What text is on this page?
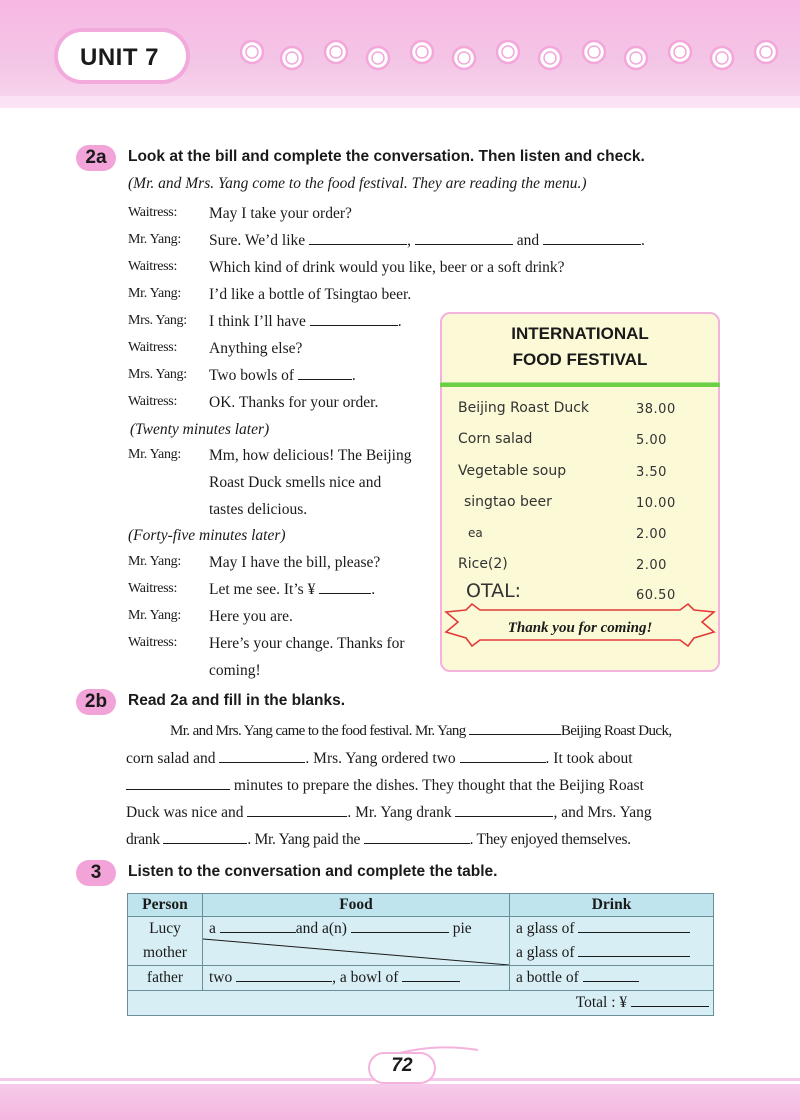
UNIT 7
2a	Look at the bill and complete the conversation. Then listen and check.
(Mr. and Mrs. Yang come to the food festival. They are reading the menu.)
Waitress: May I take your order?
Mr. Yang: Sure. We’d like	,	and	.
Waitress: Which kind of drink would you like, beer or a soft drink?
Mr. Yang: I’d like a bottle of Tsingtao beer.
Mrs. Yang: I think I’ll have	.
Waitress: Anything else?
Mrs. Yang: Two bowls of	.
Waitress: OK. Thanks for your order.
(Twenty minutes later)
Mr. Yang: Mm, how delicious! The Beijing
Roast Duck smells nice and
tastes delicious.
(Forty-five minutes later)
Mr. Yang: May I have the bill, please?
Waitress: Let me see. It’s ¥	.
Mr. Yang: Here you are.
Waitress: Here’s your change. Thanks for
coming!
INTERNATIONAL
FOOD FESTIVAL
Beijing Roast Duck	38.00
Corn salad	5.00
Vegetable soup	3.50
singtao beer	10.00
ea	2.00
Rice(2)	2.00
OTAL:	60.50
Thank you for coming!
2b	Read 2a and fill in the blanks.
Mr. and Mrs. Yang came to the food festival. Mr. Yang	Beijing Roast Duck,
corn salad and	. Mrs. Yang ordered two	. It took about
minutes to prepare the dishes. They thought that the Beijing Roast
Duck was nice and	. Mr. Yang drank	, and Mrs. Yang
drank	. Mr. Yang paid the	. They enjoyed themselves.
3	Listen to the conversation and complete the table.
Person	Food	Drink
Lucy	a and a(n) pie	a glass of
mother		a glass of
father	two , a bowl of	a bottle of
		Total : ¥
72
